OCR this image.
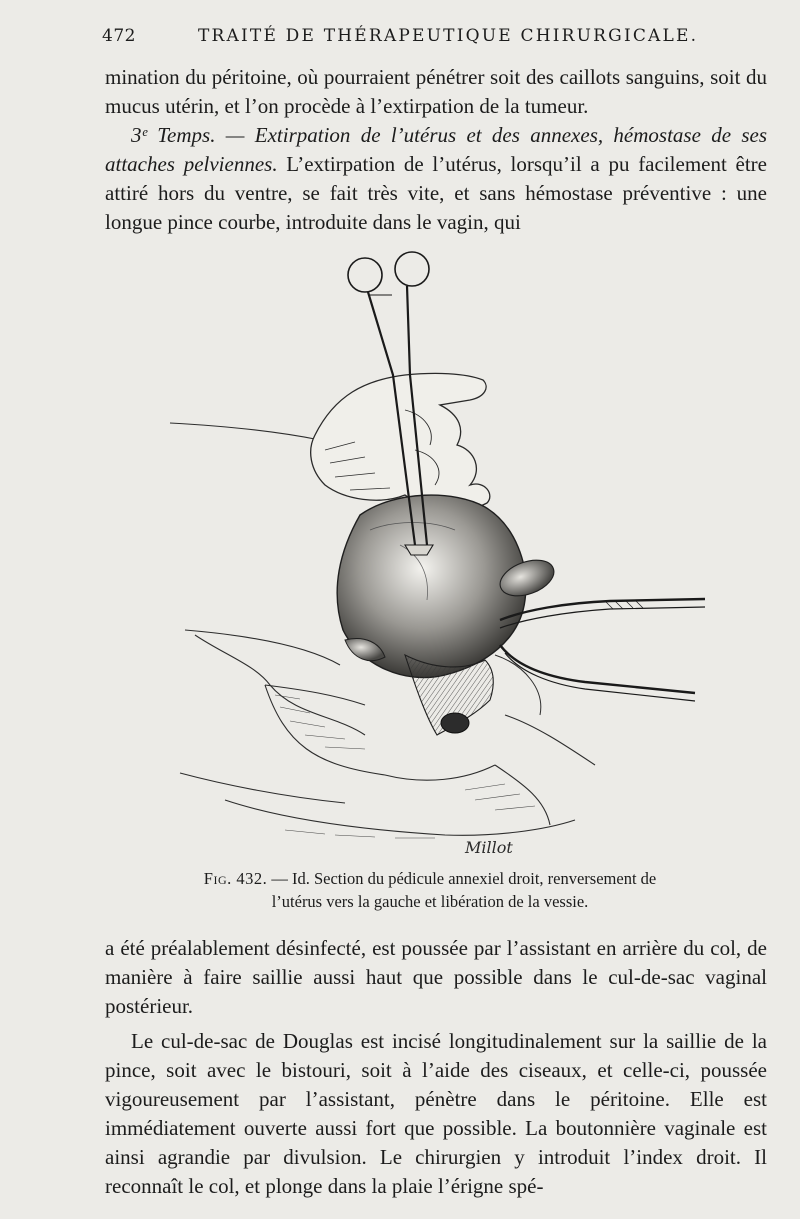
472	TRAITÉ DE THÉRAPEUTIQUE CHIRURGICALE.

mination du péritoine, où pourraient pénétrer soit des caillots sanguins, soit du mucus utérin, et l’on procède à l’extirpation de la tumeur.

3ᵉ Temps. — Extirpation de l’utérus et des annexes, hémostase de ses attaches pelviennes. L’extirpation de l’utérus, lorsqu’il a pu facilement être attiré hors du ventre, se fait très vite, et sans hémostase préventive : une longue pince courbe, introduite dans le vagin, qui

Millot
Fig. 432. — Id. Section du pédicule annexiel droit, renversement de l’utérus vers la gauche et libération de la vessie.

a été préalablement désinfecté, est poussée par l’assistant en arrière du col, de manière à faire saillie aussi haut que possible dans le cul-de-sac vaginal postérieur.

Le cul-de-sac de Douglas est incisé longitudinalement sur la saillie de la pince, soit avec le bistouri, soit à l’aide des ciseaux, et celle-ci, poussée vigoureusement par l’assistant, pénètre dans le péritoine. Elle est immédiatement ouverte aussi fort que possible. La boutonnière vaginale est ainsi agrandie par divulsion. Le chirurgien y introduit l’index droit. Il reconnaît le col, et plonge dans la plaie l’érigne spé-
